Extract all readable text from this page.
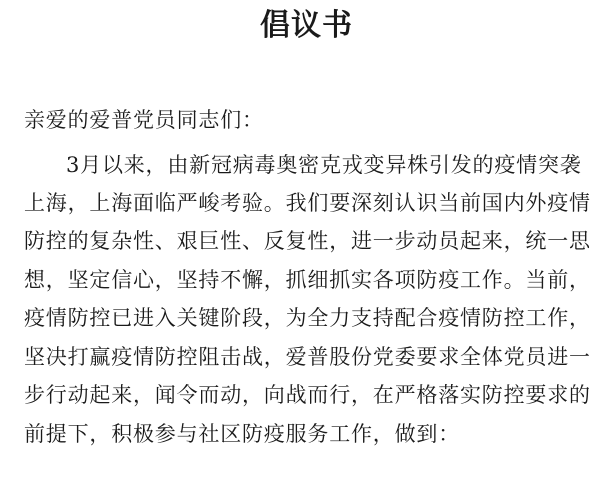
倡议书
亲爱的爱普党员同志们：
3月以来，由新冠病毒奥密克戎变异株引发的疫情突袭
上海，上海面临严峻考验。我们要深刻认识当前国内外疫情
防控的复杂性、艰巨性、反复性，进一步动员起来，统一思
想，坚定信心，坚持不懈，抓细抓实各项防疫工作。当前，
疫情防控已进入关键阶段，为全力支持配合疫情防控工作，
坚决打赢疫情防控阻击战，爱普股份党委要求全体党员进一
步行动起来，闻令而动，向战而行，在严格落实防控要求的
前提下，积极参与社区防疫服务工作，做到：
